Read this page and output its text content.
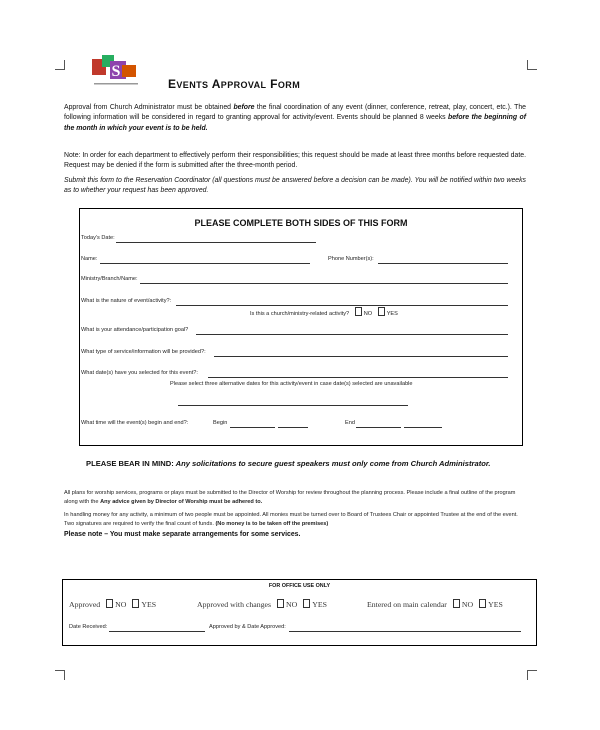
S
EVENTS APPROVAL FORM
Approval from Church Administrator must be obtained before the final coordination of any event (dinner, conference, retreat, play, concert, etc.). The following information will be considered in regard to granting approval for activity/event. Events should be planned 8 weeks before the beginning of the month in which your event is to be held.
Note: In order for each department to effectively perform their responsibilities; this request should be made at least three months before requested date. Request may be denied if the form is submitted after the three-month period.
Submit this form to the Reservation Coordinator (all questions must be answered before a decision can be made). You will be notified within two weeks as to whether your request has been approved.
PLEASE COMPLETE BOTH SIDES OF THIS FORM
Today's Date:
Name:	Phone Number(s):
Ministry/Branch/Name:
What is the nature of event/activity?:
Is this a church/ministry-related activity?	NO	YES
What is your attendance/participation goal?
What type of service/information will be provided?:
What date(s) have you selected for this event?:
Please select three alternative dates for this activity/event in case date(s) selected are unavailable
What time will the event(s) begin and end?:	Begin	End
PLEASE BEAR IN MIND: Any solicitations to secure guest speakers must only come from Church Administrator.
All plans for worship services, programs or plays must be submitted to the Director of Worship for review throughout the planning process. Please include a final outline of the program along with the Any advice given by Director of Worship must be adhered to.
In handling money for any activity, a minimum of two people must be appointed. All monies must be turned over to Board of Trustees Chair or appointed Trustee at the end of the event. Two signatures are required to verify the final count of funds. (No money is to be taken off the premises)
Please note – You must make separate arrangements for some services.
FOR OFFICE USE ONLY
Approved NO YES	Approved with changes NO YES	Entered on main calendar NO YES
Date Received:	Approved by & Date Approved:
